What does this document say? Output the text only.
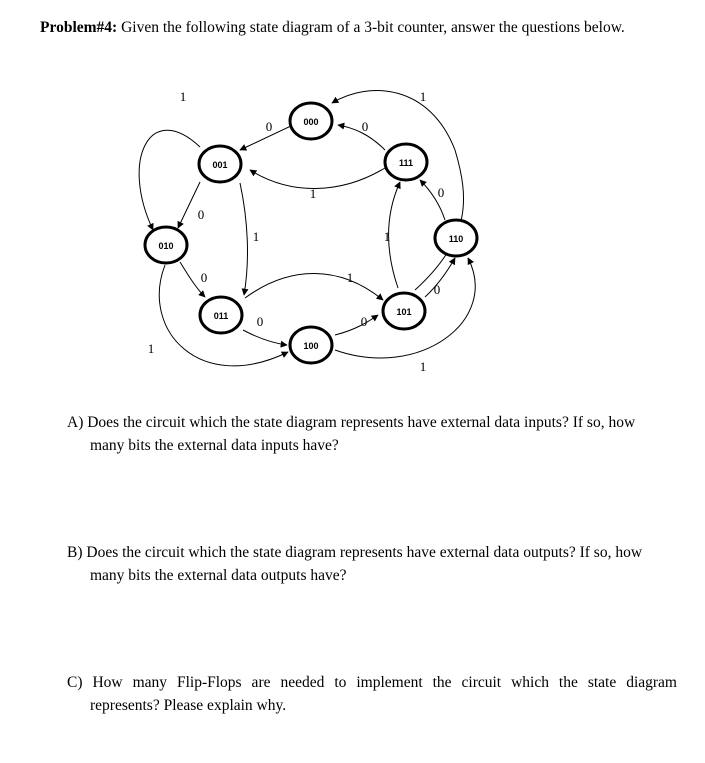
Problem#4: Given the following state diagram of a 3-bit counter, answer the questions below.
000
001
010
011
100
101
110
111
1	1
0	0
1
0
1
0
1
0
0	0
0
1
1
1
A) Does the circuit which the state diagram represents have external data inputs? If so, how
many bits the external data inputs have?
B) Does the circuit which the state diagram represents have external data outputs? If so, how
many bits the external data outputs have?
C) How many Flip-Flops are needed to implement the circuit which the state diagram
represents? Please explain why.
